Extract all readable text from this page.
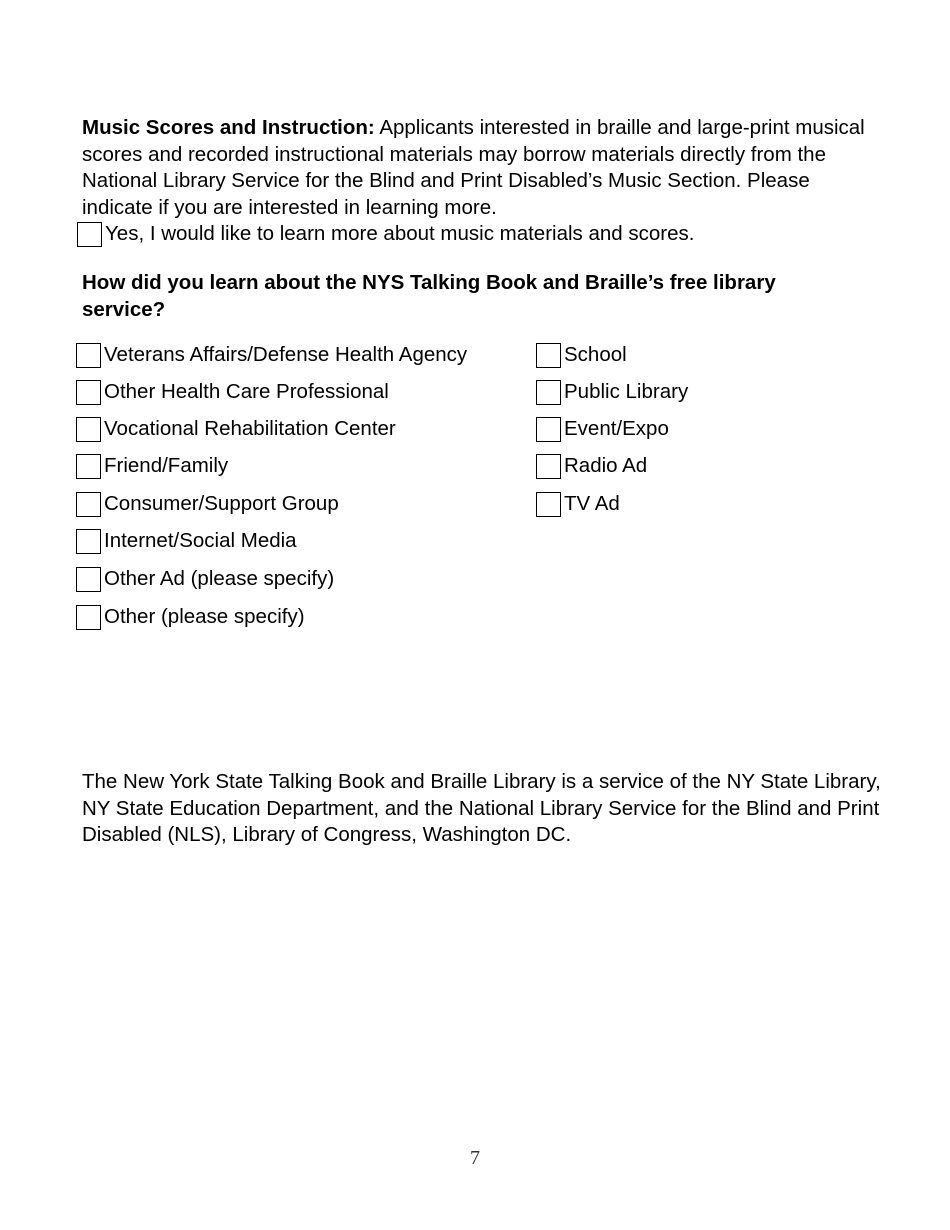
Music Scores and Instruction: Applicants interested in braille and large-print musical scores and recorded instructional materials may borrow materials directly from the National Library Service for the Blind and Print Disabled’s Music Section. Please indicate if you are interested in learning more.
Yes, I would like to learn more about music materials and scores.
How did you learn about the NYS Talking Book and Braille’s free library service?
Veterans Affairs/Defense Health Agency
Other Health Care Professional
Vocational Rehabilitation Center
Friend/Family
Consumer/Support Group
Internet/Social Media
Other Ad (please specify)
Other (please specify)
School
Public Library
Event/Expo
Radio Ad
TV Ad
The New York State Talking Book and Braille Library is a service of the NY State Library, NY State Education Department, and the National Library Service for the Blind and Print Disabled (NLS), Library of Congress, Washington DC.
7
